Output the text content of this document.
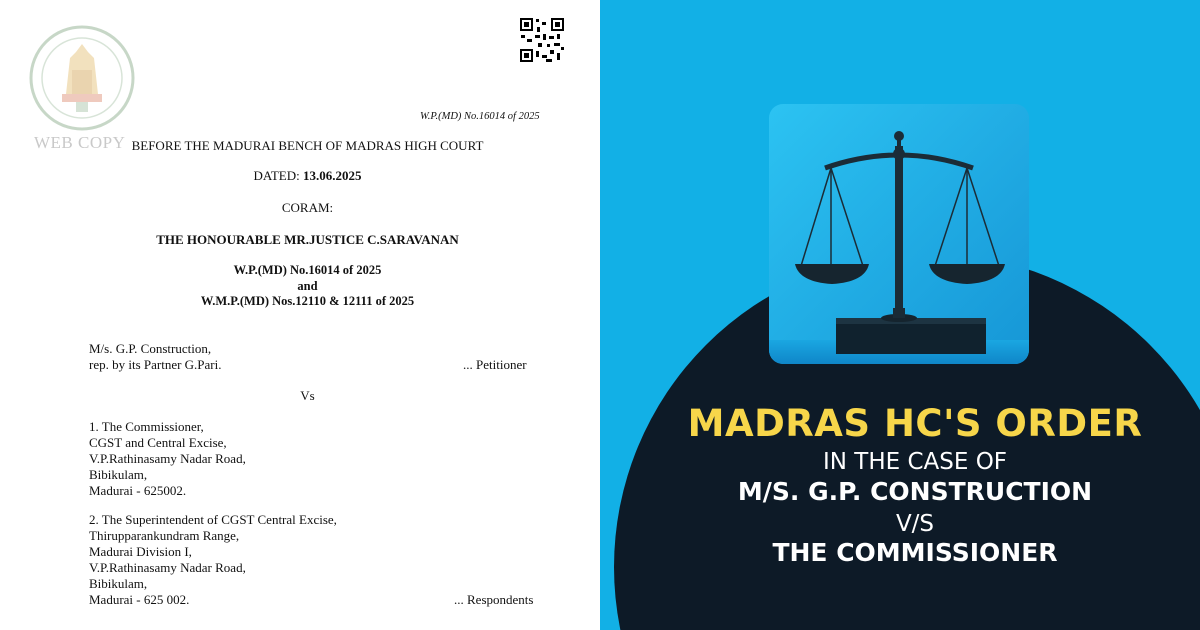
WEB COPY
W.P.(MD) No.16014 of 2025
BEFORE THE MADURAI BENCH OF MADRAS HIGH COURT
DATED: 13.06.2025
CORAM:
THE HONOURABLE MR.JUSTICE C.SARAVANAN
W.P.(MD) No.16014 of 2025
and
W.M.P.(MD) Nos.12110 & 12111 of 2025
M/s. G.P. Construction,
rep. by its Partner G.Pari.	... Petitioner
Vs
1. The Commissioner,
CGST and Central Excise,
V.P.Rathinasamy Nadar Road,
Bibikulam,
Madurai - 625002.
2. The Superintendent of CGST Central Excise,
Thirupparankundram Range,
Madurai Division I,
V.P.Rathinasamy Nadar Road,
Bibikulam,
Madurai - 625 002.	... Respondents
MADRAS HC'S ORDER
IN THE CASE OF
M/S. G.P. CONSTRUCTION
V/S
THE COMMISSIONER
